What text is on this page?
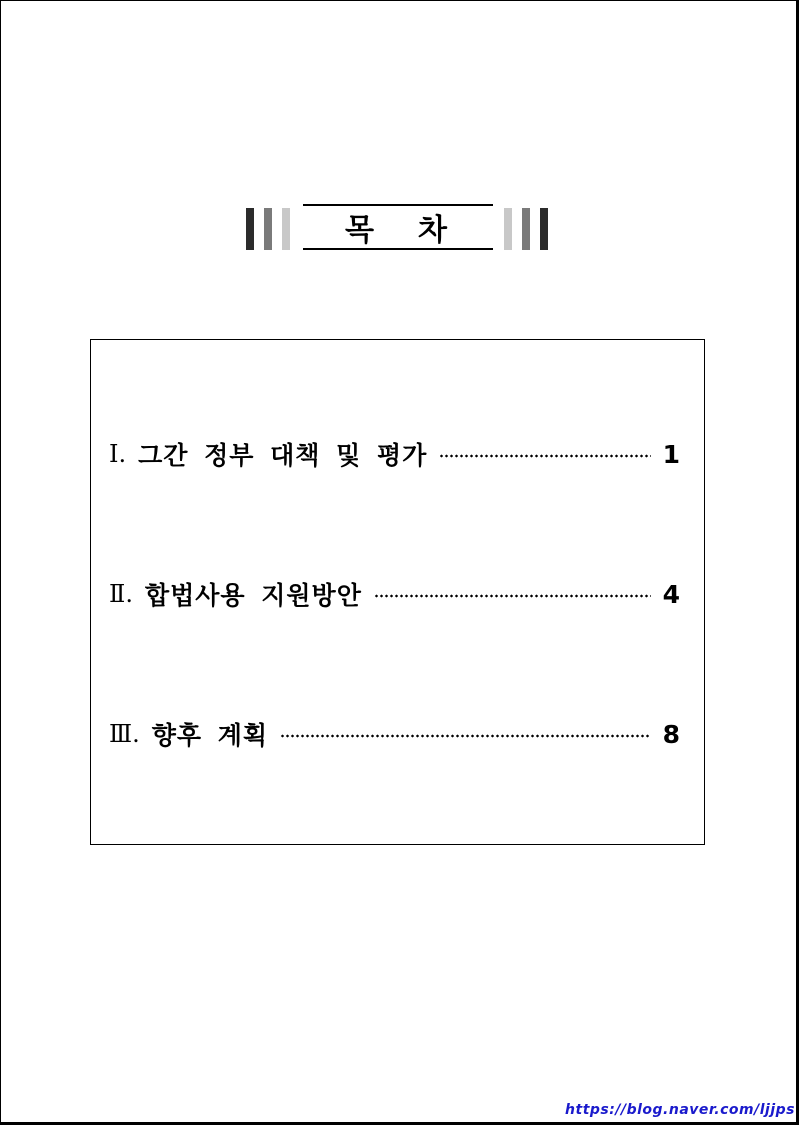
목 차
Ⅰ. 그간 정부 대책 및 평가	1
Ⅱ. 합법사용 지원방안	4
Ⅲ. 향후 계획	8
https://blog.naver.com/ljjps
